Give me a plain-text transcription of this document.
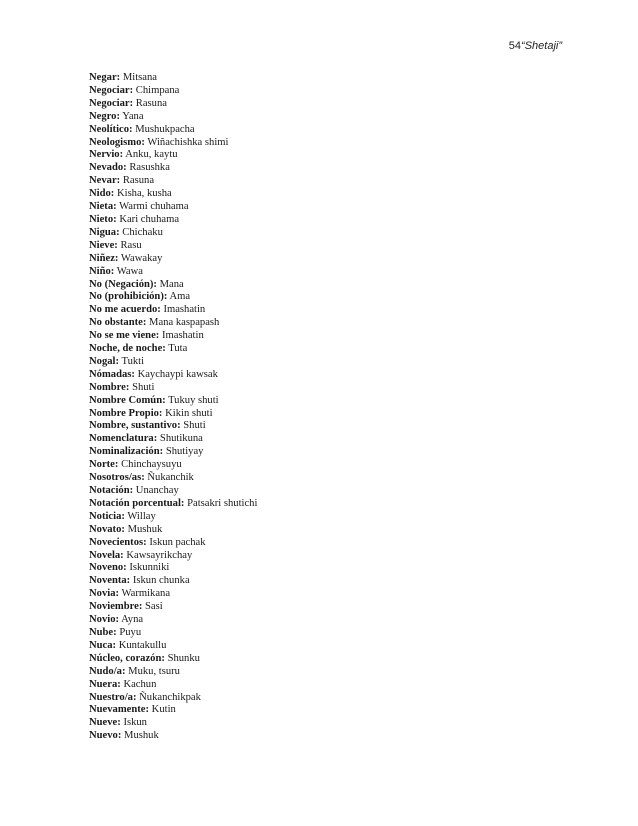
54“Shetaji”
Negar: Mitsana
Negociar: Chimpana
Negociar: Rasuna
Negro: Yana
Neolítico: Mushukpacha
Neologismo: Wiñachishka shimi
Nervio: Anku, kaytu
Nevado: Rasushka
Nevar: Rasuna
Nido: Kisha, kusha
Nieta: Warmi chuhama
Nieto: Kari chuhama
Nigua: Chichaku
Nieve: Rasu
Niñez: Wawakay
Niño: Wawa
No (Negación): Mana
No (prohibición): Ama
No me acuerdo: Imashatin
No obstante: Mana kaspapash
No se me viene: Imashatin
Noche, de noche: Tuta
Nogal: Tukti
Nómadas: Kaychaypi kawsak
Nombre: Shuti
Nombre Común: Tukuy shuti
Nombre Propio: Kikin shuti
Nombre, sustantivo: Shuti
Nomenclatura: Shutikuna
Nominalización: Shutiyay
Norte: Chinchaysuyu
Nosotros/as: Ñukanchik
Notación: Unanchay
Notación porcentual: Patsakri shutichi
Noticia: Willay
Novato: Mushuk
Novecientos: Iskun pachak
Novela: Kawsayrikchay
Noveno: Iskunniki
Noventa: Iskun chunka
Novia: Warmikana
Noviembre: Sasi
Novio: Ayna
Nube: Puyu
Nuca: Kuntakullu
Núcleo, corazón: Shunku
Nudo/a: Muku, tsuru
Nuera: Kachun
Nuestro/a: Ñukanchikpak
Nuevamente: Kutin
Nueve: Iskun
Nuevo: Mushuk
